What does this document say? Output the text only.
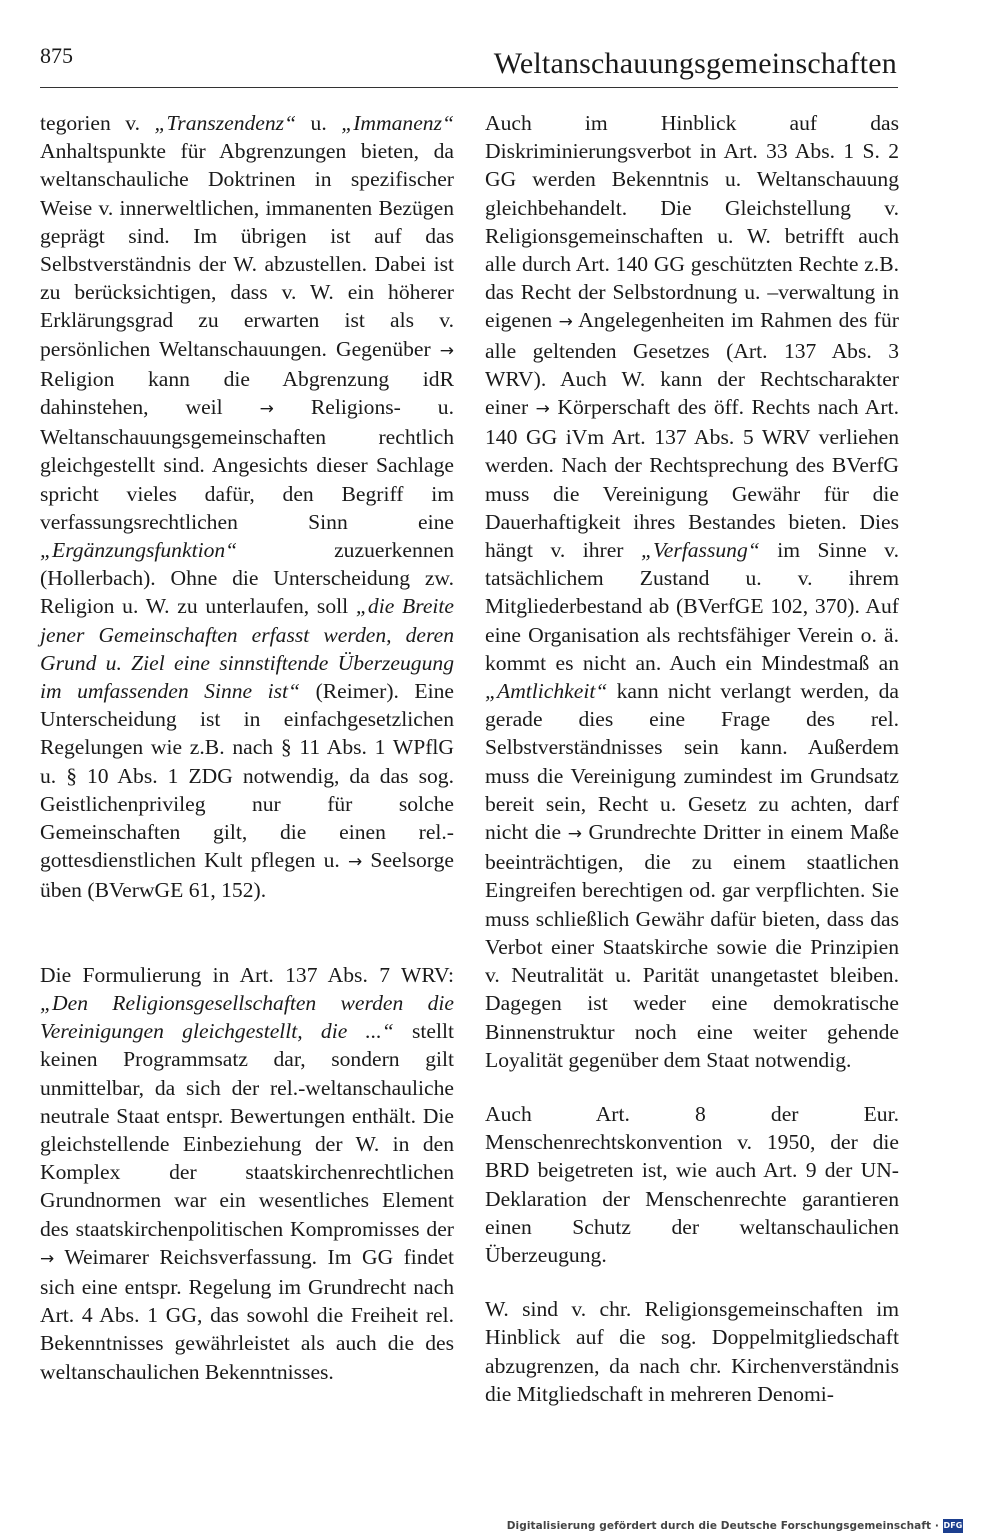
875	Weltanschauungsgemeinschaften

tegorien v. „Transzendenz“ u. „Immanenz“ Anhaltspunkte für Abgrenzungen bieten, da weltanschauliche Doktrinen in spezifischer Weise v. innerweltlichen, immanenten Bezügen geprägt sind. Im übrigen ist auf das Selbstverständnis der W. abzustellen. Dabei ist zu berücksichtigen, dass v. W. ein höherer Erklärungsgrad zu erwarten ist als v. persönlichen Weltanschauungen. Gegenüber → Religion kann die Abgrenzung idR dahinstehen, weil → Religions- u. Weltanschauungsgemeinschaften rechtlich gleichgestellt sind. Angesichts dieser Sachlage spricht vieles dafür, den Begriff im verfassungsrechtlichen Sinn eine „Ergänzungsfunktion“ zuzuerkennen (Hollerbach). Ohne die Unterscheidung zw. Religion u. W. zu unterlaufen, soll „die Breite jener Gemeinschaften erfasst werden, deren Grund u. Ziel eine sinnstiftende Überzeugung im umfassenden Sinne ist“ (Reimer). Eine Unterscheidung ist in einfachgesetzlichen Regelungen wie z.B. nach § 11 Abs. 1 WPflG u. § 10 Abs. 1 ZDG notwendig, da das sog. Geistlichenprivileg nur für solche Gemeinschaften gilt, die einen rel.-gottesdienstlichen Kult pflegen u. → Seelsorge üben (BVerwGE 61, 152).

Die Formulierung in Art. 137 Abs. 7 WRV: „Den Religionsgesellschaften werden die Vereinigungen gleichgestellt, die ...“ stellt keinen Programmsatz dar, sondern gilt unmittelbar, da sich der rel.-weltanschauliche neutrale Staat entspr. Bewertungen enthält. Die gleichstellende Einbeziehung der W. in den Komplex der staatskirchenrechtlichen Grundnormen war ein wesentliches Element des staatskirchenpolitischen Kompromisses der → Weimarer Reichsverfassung. Im GG findet sich eine entspr. Regelung im Grundrecht nach Art. 4 Abs. 1 GG, das sowohl die Freiheit rel. Bekenntnisses gewährleistet als auch die des weltanschaulichen Bekenntnisses.

Auch im Hinblick auf das Diskriminierungsverbot in Art. 33 Abs. 1 S. 2 GG werden Bekenntnis u. Weltanschauung gleichbehandelt. Die Gleichstellung v. Religionsgemeinschaften u. W. betrifft auch alle durch Art. 140 GG geschützten Rechte z.B. das Recht der Selbstordnung u. –verwaltung in eigenen → Angelegenheiten im Rahmen des für alle geltenden Gesetzes (Art. 137 Abs. 3 WRV). Auch W. kann der Rechtscharakter einer → Körperschaft des öff. Rechts nach Art. 140 GG iVm Art. 137 Abs. 5 WRV verliehen werden. Nach der Rechtsprechung des BVerfG muss die Vereinigung Gewähr für die Dauerhaftigkeit ihres Bestandes bieten. Dies hängt v. ihrer „Verfassung“ im Sinne v. tatsächlichem Zustand u. v. ihrem Mitgliederbestand ab (BVerfGE 102, 370). Auf eine Organisation als rechtsfähiger Verein o. ä. kommt es nicht an. Auch ein Mindestmaß an „Amtlichkeit“ kann nicht verlangt werden, da gerade dies eine Frage des rel. Selbstverständnisses sein kann. Außerdem muss die Vereinigung zumindest im Grundsatz bereit sein, Recht u. Gesetz zu achten, darf nicht die → Grundrechte Dritter in einem Maße beeinträchtigen, die zu einem staatlichen Eingreifen berechtigen od. gar verpflichten. Sie muss schließlich Gewähr dafür bieten, dass das Verbot einer Staatskirche sowie die Prinzipien v. Neutralität u. Parität unangetastet bleiben. Dagegen ist weder eine demokratische Binnenstruktur noch eine weiter gehende Loyalität gegenüber dem Staat notwendig.

Auch Art. 8 der Eur. Menschenrechtskonvention v. 1950, der die BRD beigetreten ist, wie auch Art. 9 der UN-Deklaration der Menschenrechte garantieren einen Schutz der weltanschaulichen Überzeugung.

W. sind v. chr. Religionsgemeinschaften im Hinblick auf die sog. Doppelmitgliedschaft abzugrenzen, da nach chr. Kirchenverständnis die Mitgliedschaft in mehreren Denomi-

Digitalisierung gefördert durch die Deutsche Forschungsgemeinschaft · DFG
